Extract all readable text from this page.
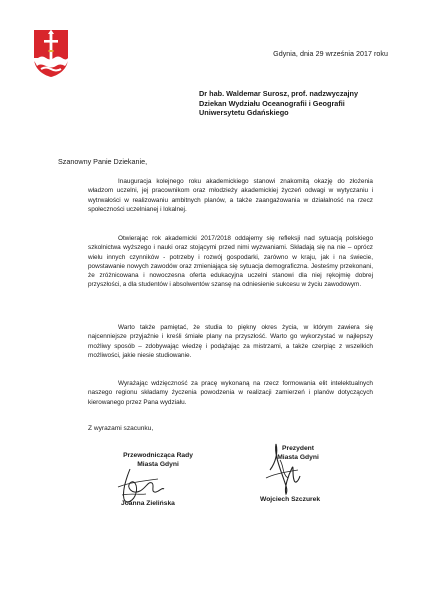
Gdynia, dnia 29 września 2017 roku
Dr hab. Waldemar Surosz, prof. nadzwyczajny
Dziekan Wydziału Oceanografii i Geografii
Uniwersytetu Gdańskiego
Szanowny Panie Dziekanie,

Inauguracja kolejnego roku akademickiego stanowi znakomitą okazję do złożenia władzom uczelni, jej pracownikom oraz młodzieży akademickiej życzeń odwagi w wytyczaniu i wytrwałości w realizowaniu ambitnych planów, a także zaangażowania w działalność na rzecz społeczności uczelnianej i lokalnej.

Otwierając rok akademicki 2017/2018 oddajemy się refleksji nad sytuacją polskiego szkolnictwa wyższego i nauki oraz stojącymi przed nimi wyzwaniami. Składają się na nie – oprócz wielu innych czynników - potrzeby i rozwój gospodarki, zarówno w kraju, jak i na świecie, powstawanie nowych zawodów oraz zmieniająca się sytuacja demograficzna. Jesteśmy przekonani, że zróżnicowana i nowoczesna oferta edukacyjna uczelni stanowi dla niej rękojmię dobrej przyszłości, a dla studentów i absolwentów szansę na odniesienie sukcesu w życiu zawodowym.

Warto także pamiętać, że studia to piękny okres życia, w którym zawiera się najcenniejsze przyjaźnie i kreśli śmiałe plany na przyszłość. Warto go wykorzystać w najlepszy możliwy sposób – zdobywając wiedzę i podążając za mistrzami, a także czerpiąc z wszelkich możliwości, jakie niesie studiowanie.

Wyrażając wdzięczność za pracę wykonaną na rzecz formowania elit intelektualnych naszego regionu składamy życzenia powodzenia w realizacji zamierzeń i planów dotyczących kierowanego przez Pana wydziału.

Z wyrazami szacunku,
Przewodnicząca Rady
Miasta Gdyni
Joanna Zielińska
Prezydent
Miasta Gdyni
Wojciech Szczurek
